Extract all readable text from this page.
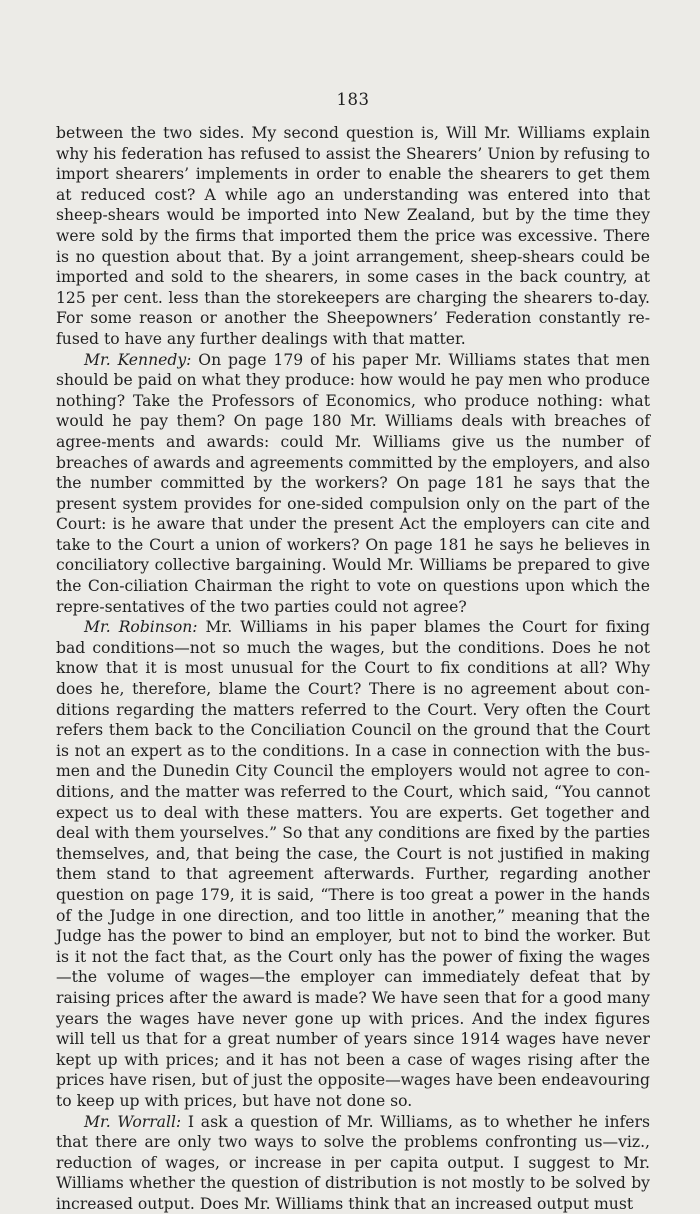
183

between the two sides. My second question is, Will Mr. Williams explain why his federation has refused to assist the Shearers’ Union by refusing to import shearers’ implements in order to enable the shearers to get them at reduced cost? A while ago an understanding was entered into that sheep-shears would be imported into New Zealand, but by the time they were sold by the firms that imported them the price was excessive. There is no question about that. By a joint arrangement, sheep-shears could be imported and sold to the shearers, in some cases in the back country, at 125 per cent. less than the storekeepers are charging the shearers to-day. For some reason or another the Sheepowners’ Federation constantly re-fused to have any further dealings with that matter.

Mr. Kennedy: On page 179 of his paper Mr. Williams states that men should be paid on what they produce: how would he pay men who produce nothing? Take the Professors of Economics, who produce nothing: what would he pay them? On page 180 Mr. Williams deals with breaches of agree-ments and awards: could Mr. Williams give us the number of breaches of awards and agreements committed by the employers, and also the number committed by the workers? On page 181 he says that the present system provides for one-sided compulsion only on the part of the Court: is he aware that under the present Act the employers can cite and take to the Court a union of workers? On page 181 he says he believes in conciliatory collective bargaining. Would Mr. Williams be prepared to give the Con-ciliation Chairman the right to vote on questions upon which the repre-sentatives of the two parties could not agree?

Mr. Robinson: Mr. Williams in his paper blames the Court for fixing bad conditions—not so much the wages, but the conditions. Does he not know that it is most unusual for the Court to fix conditions at all? Why does he, therefore, blame the Court? There is no agreement about con-ditions regarding the matters referred to the Court. Very often the Court refers them back to the Conciliation Council on the ground that the Court is not an expert as to the conditions. In a case in connection with the bus-men and the Dunedin City Council the employers would not agree to con-ditions, and the matter was referred to the Court, which said, “You cannot expect us to deal with these matters. You are experts. Get together and deal with them yourselves.” So that any conditions are fixed by the parties themselves, and, that being the case, the Court is not justified in making them stand to that agreement afterwards. Further, regarding another question on page 179, it is said, “There is too great a power in the hands of the Judge in one direction, and too little in another,” meaning that the Judge has the power to bind an employer, but not to bind the worker. But is it not the fact that, as the Court only has the power of fixing the wages —the volume of wages—the employer can immediately defeat that by raising prices after the award is made? We have seen that for a good many years the wages have never gone up with prices. And the index figures will tell us that for a great number of years since 1914 wages have never kept up with prices; and it has not been a case of wages rising after the prices have risen, but of just the opposite—wages have been endeavouring to keep up with prices, but have not done so.

Mr. Worrall: I ask a question of Mr. Williams, as to whether he infers that there are only two ways to solve the problems confronting us—viz., reduction of wages, or increase in per capita output. I suggest to Mr. Williams whether the question of distribution is not mostly to be solved by increased output. Does Mr. Williams think that an increased output must
